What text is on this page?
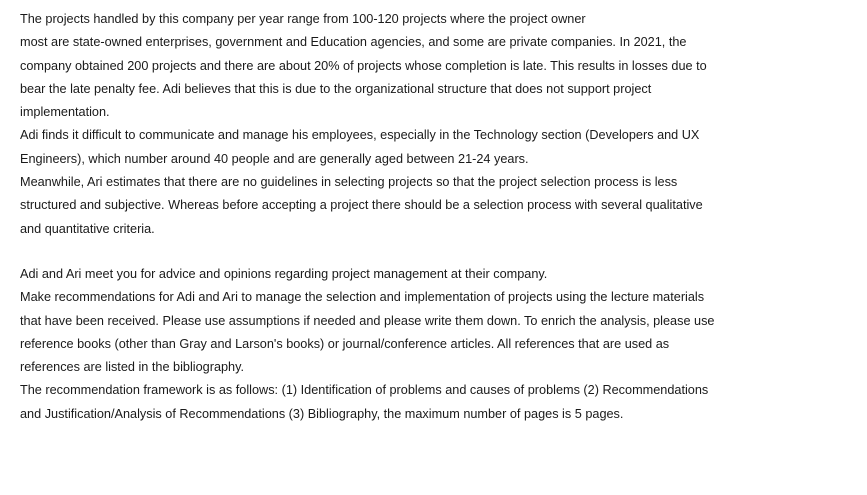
The projects handled by this company per year range from 100-120 projects where the project owner
most are state-owned enterprises, government and Education agencies, and some are private companies. In 2021, the
company obtained 200 projects and there are about 20% of projects whose completion is late. This results in losses due to
bear the late penalty fee. Adi believes that this is due to the organizational structure that does not support project
implementation.

Adi finds it difficult to communicate and manage his employees, especially in the Technology section (Developers and UX
Engineers), which number around 40 people and are generally aged between 21-24 years.

Meanwhile, Ari estimates that there are no guidelines in selecting projects so that the project selection process is less
structured and subjective. Whereas before accepting a project there should be a selection process with several qualitative
and quantitative criteria.

Adi and Ari meet you for advice and opinions regarding project management at their company.

Make recommendations for Adi and Ari to manage the selection and implementation of projects using the lecture materials
that have been received. Please use assumptions if needed and please write them down. To enrich the analysis, please use
reference books (other than Gray and Larson's books) or journal/conference articles. All references that are used as
references are listed in the bibliography.

The recommendation framework is as follows: (1) Identification of problems and causes of problems (2) Recommendations
and Justification/Analysis of Recommendations (3) Bibliography, the maximum number of pages is 5 pages.
